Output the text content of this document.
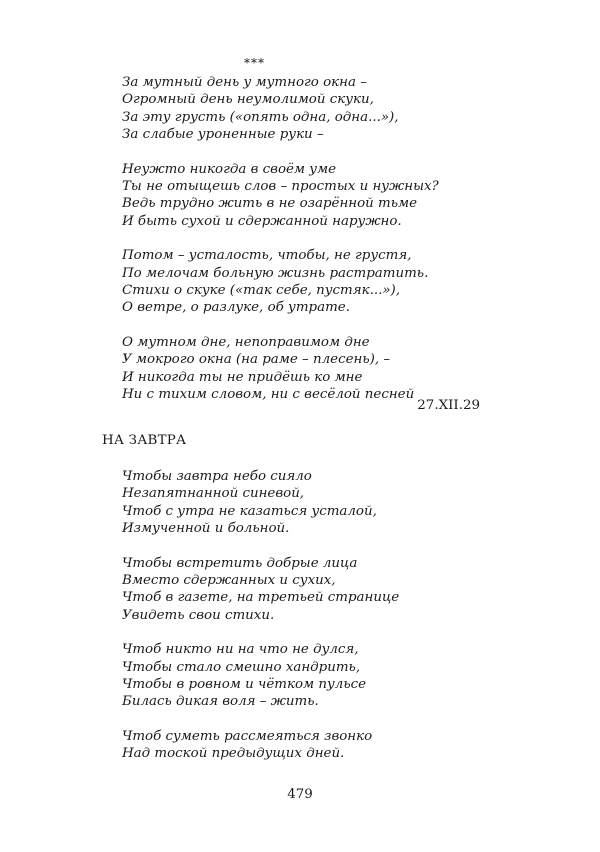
***
За мутный день у мутного окна –
Огромный день неумолимой скуки,
За эту грусть («опять одна, одна...»),
За слабые уроненные руки –
Неужто никогда в своём уме
Ты не отыщешь слов – простых и нужных?
Ведь трудно жить в не озарённой тьме
И быть сухой и сдержанной наружно.
Потом – усталость, чтобы, не грустя,
По мелочам больную жизнь растратить.
Стихи о скуке («так себе, пустяк...»),
О ветре, о разлуке, об утрате.
О мутном дне, непоправимом дне
У мокрого окна (на раме – плесень), –
И никогда ты не придёшь ко мне
Ни с тихим словом, ни с весёлой песней
27.XII.29
НА ЗАВТРА
Чтобы завтра небо сияло
Незапятнанной синевой,
Чтоб с утра не казаться усталой,
Измученной и больной.
Чтобы встретить добрые лица
Вместо сдержанных и сухих,
Чтоб в газете, на третьей странице
Увидеть свои стихи.
Чтоб никто ни на что не дулся,
Чтобы стало смешно хандрить,
Чтобы в ровном и чётком пульсе
Билась дикая воля – жить.
Чтоб суметь рассмеяться звонко
Над тоской предыдущих дней.
479
